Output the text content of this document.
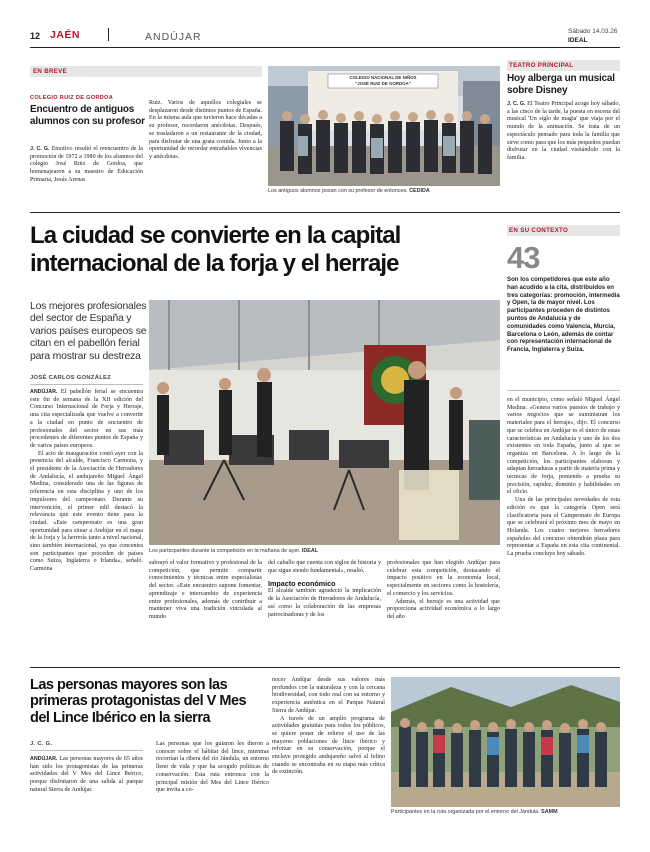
12 JAÉN	ANDÚJAR	Sábado 14.03.26
IDEAL
EN BREVE
COLEGIO RUIZ DE GORDOA
Encuentro de antiguos alumnos con su profesor
J. C. G. Emotivo resultó el reencuentro de la promoción de 1972 a 1980 de los alumnos del colegio José Ruiz de Gordoa, que homenajearon a su maestro de Educación Primaria, Jesús Arenas
Ruiz. Varios de aquellos colegiales se desplazaron desde distintos puntos de España. En la misma aula que tuvieron hace décadas a su profesor, recordaron anécdotas. Después, se trasladaron a un restaurante de la ciudad, para disfrutar de una grata comida. Junto a la oportunidad de recordar entrañables vivencias y anécdotas.
COLEGIO NACIONAL DE NIÑOS
"JOSÉ RUIZ DE GORDOA"
Los antiguos alumnos posan con su profesor de entonces. CEDIDA
TEATRO PRINCIPAL
Hoy alberga un musical sobre Disney
J. C. G. El Teatro Principal acoge hoy sábado, a las cinco de la tarde, la puesta en escena del musical 'Un siglo de magia' que viaja por el mundo de la animación. Se trata de un espectáculo pensado para toda la familia que sirve como para que los más pequeños puedan disfrutar en la ciudad visitándolo con la familia.
La ciudad se convierte en la capital internacional de la forja y el herraje
Los mejores profesionales del sector de España y varios países europeos se citan en el pabellón ferial para mostrar su destreza
JOSÉ CARLOS GONZÁLEZ
ANDÚJAR. El pabellón ferial se encuentra este fin de semana de la XII edición del Concurso Internacional de Forja y Herraje, una cita especializada que vuelve a convertir a la ciudad en punto de encuentro de profesionales del sector en sus más procedentes de diferentes puntos de España y de varios países europeos.
El acto de inauguración contó ayer con la presencia del alcalde, Francisco Carmona, y el presidente de la Asociación de Herradores de Andalucía, el andujareño Miguel Ángel Medina, considerado una de las figuras de referencia en esta disciplina y uno de los impulsores del campeonato. Durante su intervención, el primer edil destacó la relevancia que este evento tiene para la ciudad. «Este campeonato es una gran oportunidad para situar a Andújar en el mapa de la forja y la herrería tanto a nivel nacional, sino también internacional, ya que concentra son participantes que proceden de países como Suiza, Inglaterra o Irlanda», señaló. Carmona
Los participantes durante la competición en la mañana de ayer. IDEAL
subrayó el valor formativo y profesional de la competición, que permite compartir conocimientos y técnicas entre especialistas del sector. «Este encuentro supone fomentar, aprendizaje e intercambio de experiencia entre profesionales, además de contribuir a mantener viva una tradición vinculada al mundo
del caballo que cuenta con siglos de historia y que sigue siendo fundamental», resaltó.
Impacto económico
El alcalde también agradeció la implicación de la Asociación de Herradores de Andalucía, así como la colaboración de las empresas patrocinadoras y de los
profesionales que han elegido Andújar para celebrar esta competición, destacando el impacto positivo en la economía local, especialmente en sectores como la hostelería, el comercio y los servicios.
Además, el herraje es una actividad que proporciona actividad económica a lo largo del año
EN SU CONTEXTO
43
Son los competidores que este año han acudido a la cita, distribuidos en tres categorías: promoción, intermedia y Open, la de mayor nivel. Los participantes proceden de distintos puntos de Andalucía y de comunidades como Valencia, Murcia, Barcelona o León, además de contar con representación internacional de Francia, Inglaterra y Suiza.
en el municipio, como señaló Miguel Ángel Medina. «Genera varios puestos de trabajo y varios negocios que se suministran los materiales para el herraje», dijo. El concurso que se celebra en Andújar es el único de estas características en Andalucía y uno de los dos existentes en toda España, junto al que se organiza en Barcelona. A lo largo de la competición, los participantes elaboran y adaptan herraduras a partir de materia prima y técnicas de forja, poniendo a prueba su precisión, rapidez, dominio y habilidades en el oficio.
Una de las principales novedades de esta edición es que la categoría Open será clasificatoria para el Campeonato de Europa que se celebrará el próximo mes de mayo en Holanda. Los cuatro mejores herradores españoles del concurso obtendrán plaza para representar a España en esta cita continental. La prueba concluye hoy sábado.
Las personas mayores son las primeras protagonistas del V Mes del Lince Ibérico en la sierra
J. C. G.
ANDÚJAR. Las personas mayores de 65 años han sido los protagonistas de las primeras actividades del V Mes del Lince Ibérico, porque disfrutaron de una salida al parque natural Sierra de Andújar.
Las personas que los guiaron les dieron a conocer sobre el hábitat del lince, mientras recorrían la ribera del río Jándula, un entorno lleno de vida y que ha acogido políticas de conservación. Esta ruta entronca con la principal misión del Mes del Lince Ibérico que invita a co-
nocer Andújar desde sus valores más profundos con la naturaleza y con la cercana biodiversidad, con todo real con su entorno y experiencia auténtica en el Parque Natural Sierra de Andújar.
A través de un amplio programa de actividades gratuitas para todos los públicos, se quiere poner de relieve el uso de las mayores poblaciones de lince ibérico y reforzar en su conservación, porque el enclave protegido andujareño salvó al felino cuando se encontraba en su etapa más crítica de extinción.
Participantes en la ruta organizada por el entorno del Jándula. SAMM
